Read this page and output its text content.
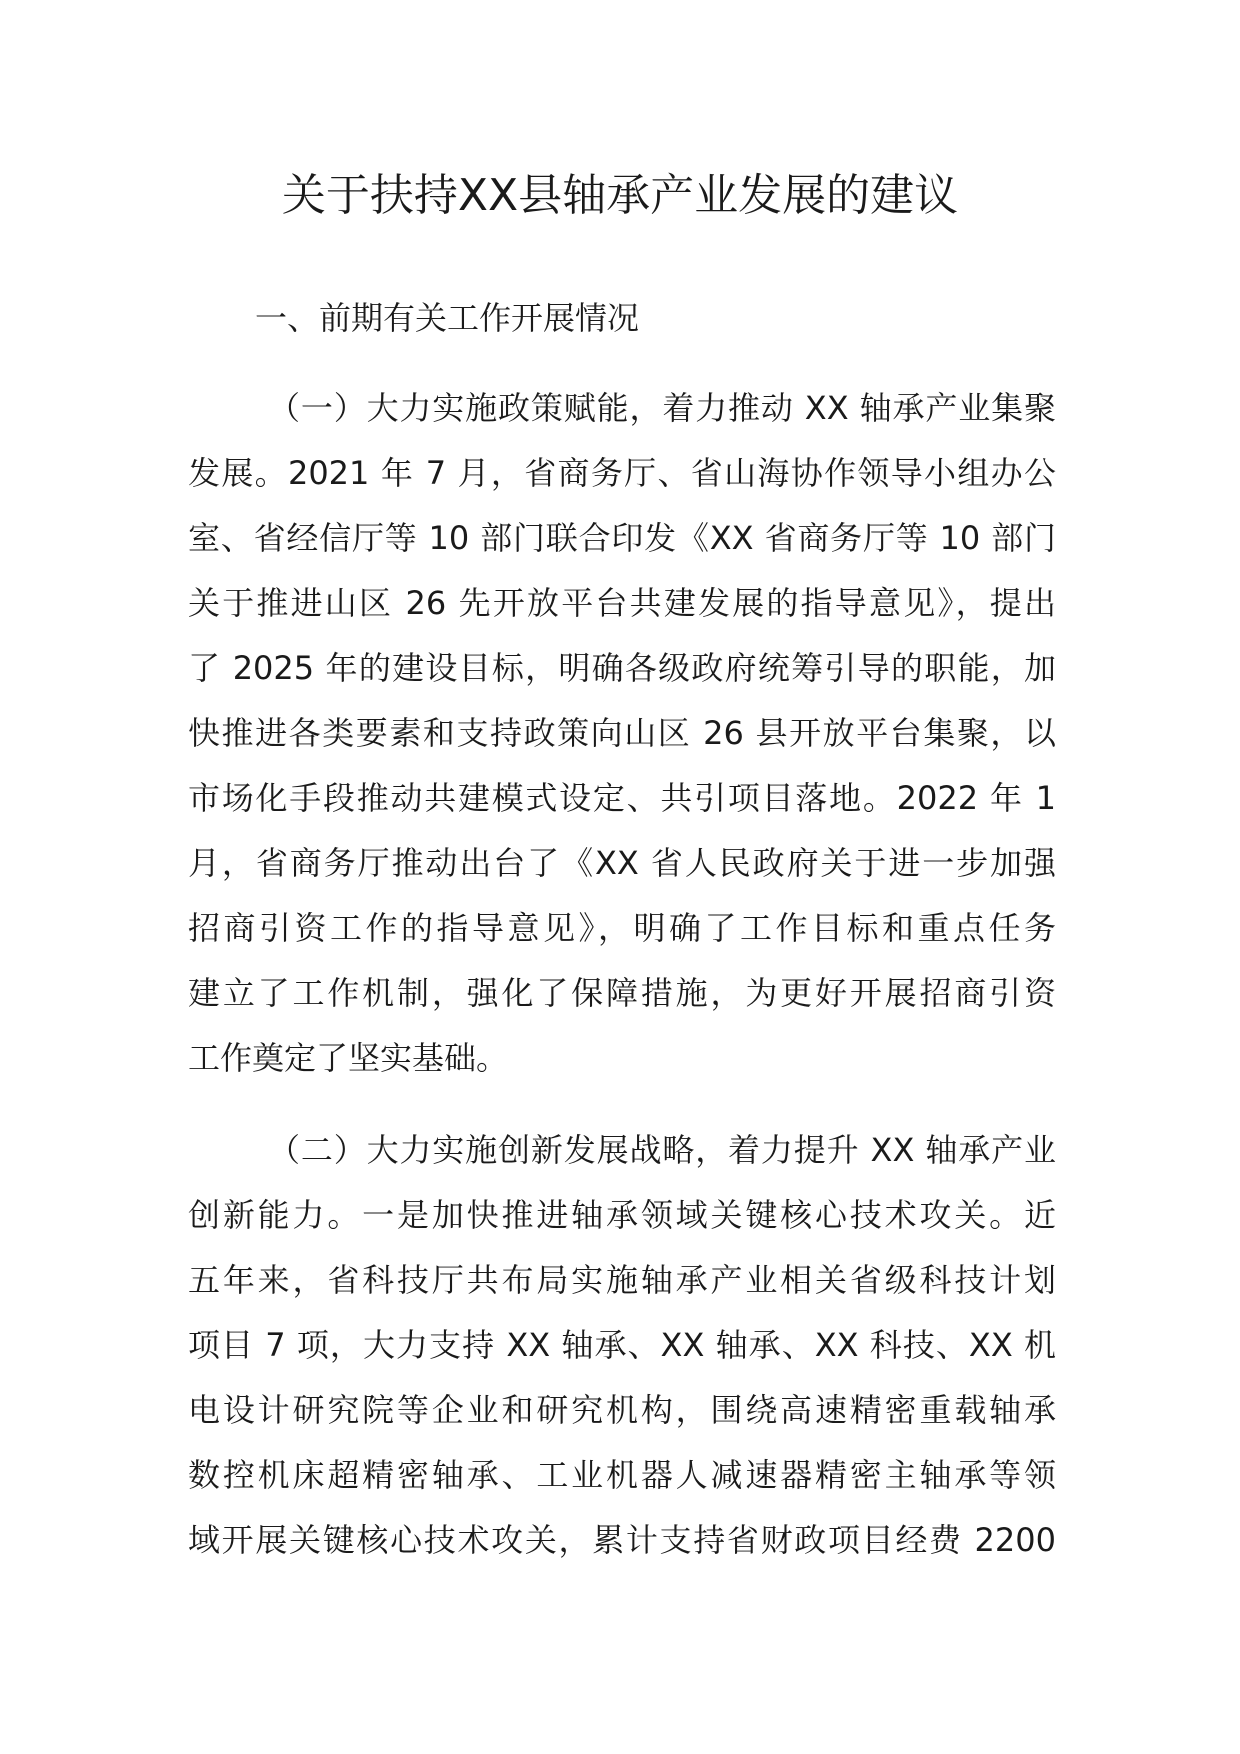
关于扶持XX县轴承产业发展的建议
一、前期有关工作开展情况
（一）大力实施政策赋能，着力推动 XX 轴承产业集聚
发展。2021 年 7 月，省商务厅、省山海协作领导小组办公
室、省经信厅等 10 部门联合印发《XX 省商务厅等 10 部门
关于推进山区 26 先开放平台共建发展的指导意见》，提出
了 2025 年的建设目标，明确各级政府统筹引导的职能，加
快推进各类要素和支持政策向山区 26 县开放平台集聚，以
市场化手段推动共建模式设定、共引项目落地。2022 年 1
月，省商务厅推动出台了《XX 省人民政府关于进一步加强
招商引资工作的指导意见》，明确了工作目标和重点任务
建立了工作机制，强化了保障措施，为更好开展招商引资
工作奠定了坚实基础。
（二）大力实施创新发展战略，着力提升 XX 轴承产业
创新能力。一是加快推进轴承领域关键核心技术攻关。近
五年来，省科技厅共布局实施轴承产业相关省级科技计划
项目 7 项，大力支持 XX 轴承、XX 轴承、XX 科技、XX 机
电设计研究院等企业和研究机构，围绕高速精密重载轴承
数控机床超精密轴承、工业机器人减速器精密主轴承等领
域开展关键核心技术攻关，累计支持省财政项目经费 2200
